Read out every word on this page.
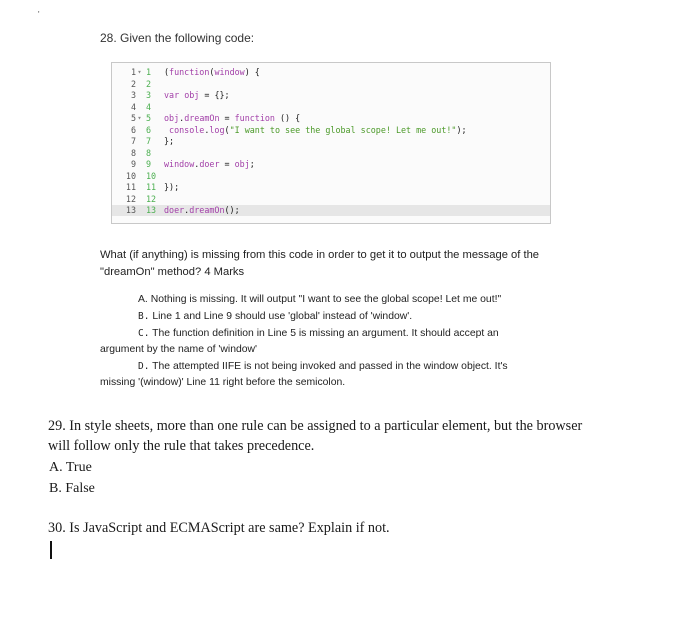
'
28. Given the following code:
1 ▾ 1	(function(window) {
2 2
3 3	var obj = {};
4 4
5 ▾ 5	obj.dreamOn = function () {
6 6	console.log("I want to see the global scope! Let me out!");
7 7	};
8 8
9 9	window.doer = obj;
10 10
11 11 });
12 12
13 13 doer.dreamOn();
What (if anything) is missing from this code in order to get it to output the message of the
"dreamOn" method? 4 Marks
A. Nothing is missing. It will output "I want to see the global scope! Let me out!"
B. Line 1 and Line 9 should use 'global' instead of 'window'.
C. The function definition in Line 5 is missing an argument. It should accept an
argument by the name of 'window'
D. The attempted IIFE is not being invoked and passed in the window object. It's
missing '(window)' Line 11 right before the semicolon.
29. In style sheets, more than one rule can be assigned to a particular element, but the browser
will follow only the rule that takes precedence.
A. True
B. False
30. Is JavaScript and ECMAScript are same? Explain if not.
